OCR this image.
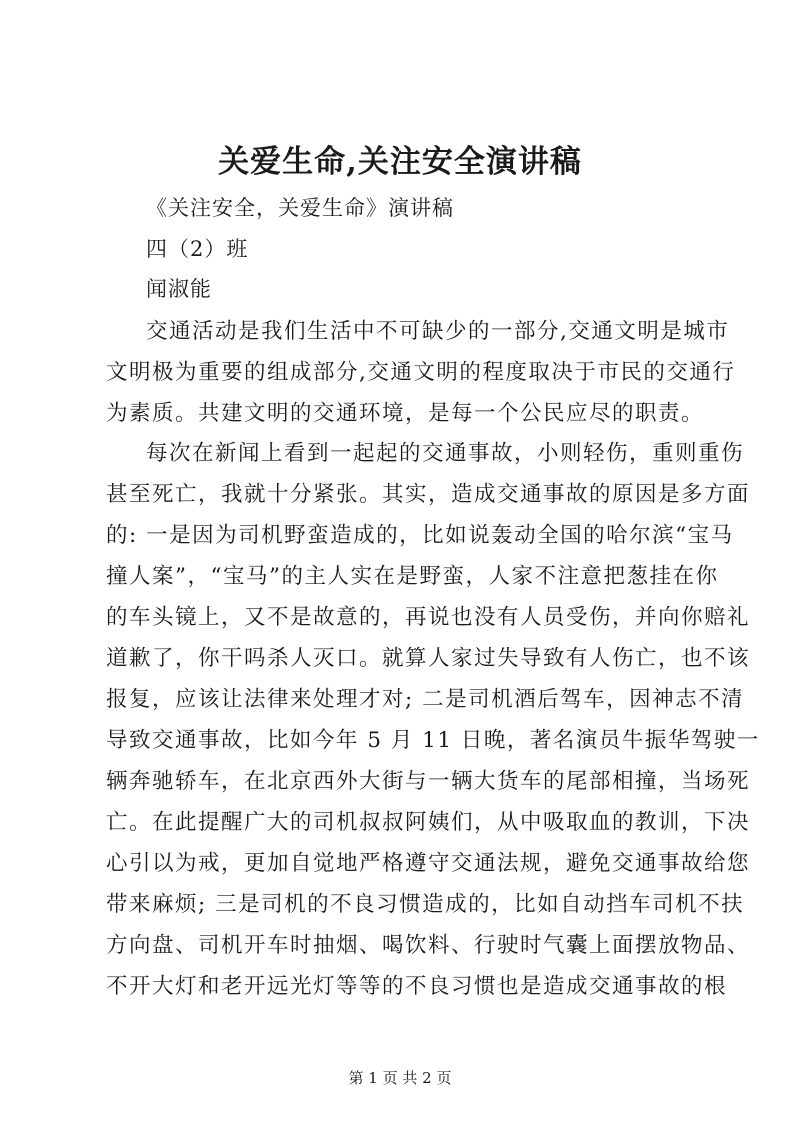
关爱生命,关注安全演讲稿
《关注安全，关爱生命》演讲稿
四（2）班
闻淑能
交通活动是我们生活中不可缺少的一部分,交通文明是城市
文明极为重要的组成部分,交通文明的程度取决于市民的交通行
为素质。共建文明的交通环境，是每一个公民应尽的职责。
每次在新闻上看到一起起的交通事故，小则轻伤，重则重伤
甚至死亡，我就十分紧张。其实，造成交通事故的原因是多方面
的: 一是因为司机野蛮造成的，比如说轰动全国的哈尔滨“宝马
撞人案”，“宝马”的主人实在是野蛮，人家不注意把葱挂在你
的车头镜上，又不是故意的，再说也没有人员受伤，并向你赔礼
道歉了，你干吗杀人灭口。就算人家过失导致有人伤亡，也不该
报复，应该让法律来处理才对; 二是司机酒后驾车，因神志不清
导致交通事故，比如今年 5 月 11 日晚，著名演员牛振华驾驶一
辆奔驰轿车，在北京西外大街与一辆大货车的尾部相撞，当场死
亡。在此提醒广大的司机叔叔阿姨们，从中吸取血的教训，下决
心引以为戒，更加自觉地严格遵守交通法规，避免交通事故给您
带来麻烦; 三是司机的不良习惯造成的，比如自动挡车司机不扶
方向盘、司机开车时抽烟、喝饮料、行驶时气囊上面摆放物品、
不开大灯和老开远光灯等等的不良习惯也是造成交通事故的根
第 1 页 共 2 页
